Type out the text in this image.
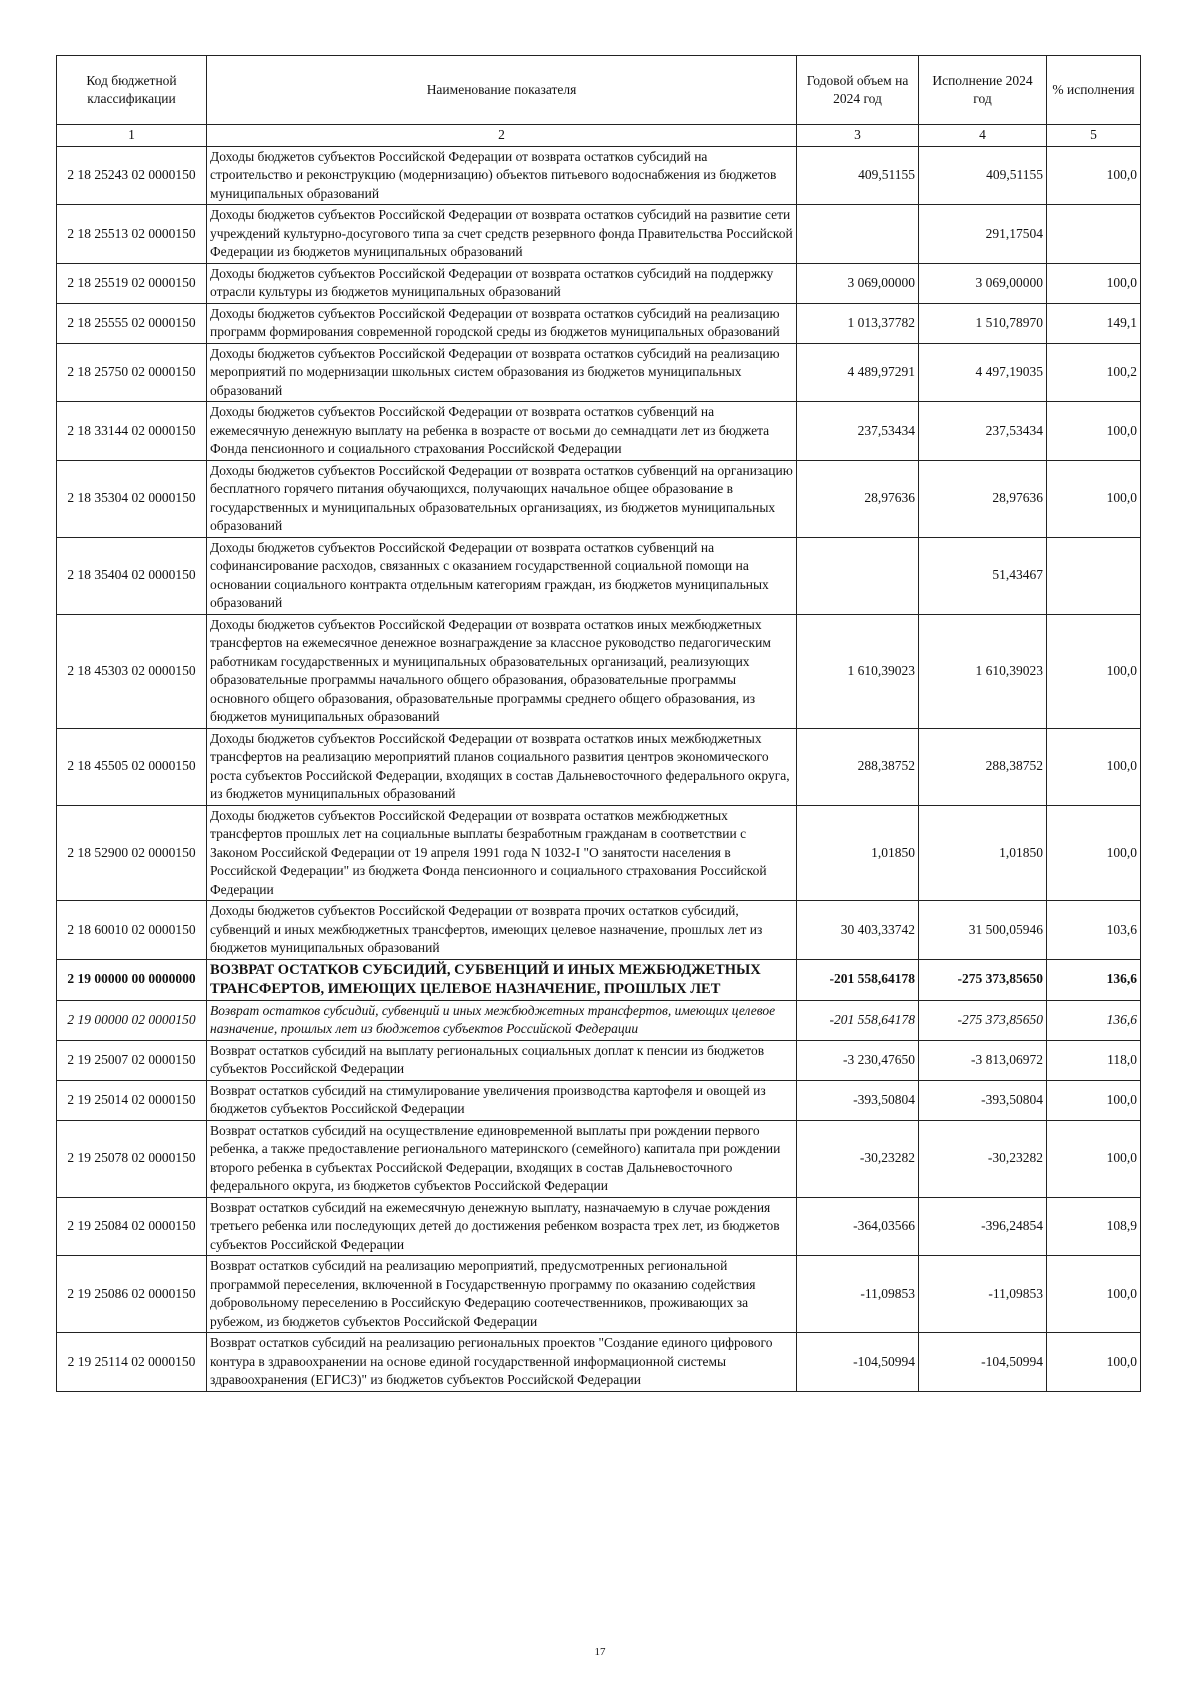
Код бюджетной классификации	Наименование показателя	Годовой объем на 2024 год	Исполнение 2024 год	% исполнения
1	2	3	4	5
2 18 25243 02 0000150	Доходы бюджетов субъектов Российской Федерации от возврата остатков субсидий на строительство и реконструкцию (модернизацию) объектов питьевого водоснабжения из бюджетов муниципальных образований	409,51155	409,51155	100,0
2 18 25513 02 0000150	Доходы бюджетов субъектов Российской Федерации от возврата остатков субсидий на развитие сети учреждений культурно-досугового типа за счет средств резервного фонда Правительства Российской Федерации из бюджетов муниципальных образований		291,17504	
2 18 25519 02 0000150	Доходы бюджетов субъектов Российской Федерации от возврата остатков субсидий на поддержку отрасли культуры из бюджетов муниципальных образований	3 069,00000	3 069,00000	100,0
2 18 25555 02 0000150	Доходы бюджетов субъектов Российской Федерации от возврата остатков субсидий на реализацию программ формирования современной городской среды из бюджетов муниципальных образований	1 013,37782	1 510,78970	149,1
2 18 25750 02 0000150	Доходы бюджетов субъектов Российской Федерации от возврата остатков субсидий на реализацию мероприятий по модернизации школьных систем образования из бюджетов муниципальных образований	4 489,97291	4 497,19035	100,2
2 18 33144 02 0000150	Доходы бюджетов субъектов Российской Федерации от возврата остатков субвенций на ежемесячную денежную выплату на ребенка в возрасте от восьми до семнадцати лет из бюджета Фонда пенсионного и социального страхования Российской Федерации	237,53434	237,53434	100,0
2 18 35304 02 0000150	Доходы бюджетов субъектов Российской Федерации от возврата остатков субвенций на организацию бесплатного горячего питания обучающихся, получающих начальное общее образование в государственных и муниципальных образовательных организациях, из бюджетов муниципальных образований	28,97636	28,97636	100,0
2 18 35404 02 0000150	Доходы бюджетов субъектов Российской Федерации от возврата остатков субвенций на софинансирование расходов, связанных с оказанием государственной социальной помощи на основании социального контракта отдельным категориям граждан, из бюджетов муниципальных образований		51,43467	
2 18 45303 02 0000150	Доходы бюджетов субъектов Российской Федерации от возврата остатков иных межбюджетных трансфертов на ежемесячное денежное вознаграждение за классное руководство педагогическим работникам государственных и муниципальных образовательных организаций, реализующих образовательные программы начального общего образования, образовательные программы основного общего образования, образовательные программы среднего общего образования, из бюджетов муниципальных образований	1 610,39023	1 610,39023	100,0
2 18 45505 02 0000150	Доходы бюджетов субъектов Российской Федерации от возврата остатков иных межбюджетных трансфертов на реализацию мероприятий планов социального развития центров экономического роста субъектов Российской Федерации, входящих в состав Дальневосточного федерального округа, из бюджетов муниципальных образований	288,38752	288,38752	100,0
2 18 52900 02 0000150	Доходы бюджетов субъектов Российской Федерации от возврата остатков межбюджетных трансфертов прошлых лет на социальные выплаты безработным гражданам в соответствии с Законом Российской Федерации от 19 апреля 1991 года N 1032-I "О занятости населения в Российской Федерации" из бюджета Фонда пенсионного и социального страхования Российской Федерации	1,01850	1,01850	100,0
2 18 60010 02 0000150	Доходы бюджетов субъектов Российской Федерации от возврата прочих остатков субсидий, субвенций и иных межбюджетных трансфертов, имеющих целевое назначение, прошлых лет из бюджетов муниципальных образований	30 403,33742	31 500,05946	103,6
2 19 00000 00 0000000	ВОЗВРАТ ОСТАТКОВ СУБСИДИЙ, СУБВЕНЦИЙ И ИНЫХ МЕЖБЮДЖЕТНЫХ ТРАНСФЕРТОВ, ИМЕЮЩИХ ЦЕЛЕВОЕ НАЗНАЧЕНИЕ, ПРОШЛЫХ ЛЕТ	-201 558,64178	-275 373,85650	136,6
2 19 00000 02 0000150	Возврат остатков субсидий, субвенций и иных межбюджетных трансфертов, имеющих целевое назначение, прошлых лет из бюджетов субъектов Российской Федерации	-201 558,64178	-275 373,85650	136,6
2 19 25007 02 0000150	Возврат остатков субсидий на выплату региональных социальных доплат к пенсии из бюджетов субъектов Российской Федерации	-3 230,47650	-3 813,06972	118,0
2 19 25014 02 0000150	Возврат остатков субсидий на стимулирование увеличения производства картофеля и овощей из бюджетов субъектов Российской Федерации	-393,50804	-393,50804	100,0
2 19 25078 02 0000150	Возврат остатков субсидий на осуществление единовременной выплаты при рождении первого ребенка, а также предоставление регионального материнского (семейного) капитала при рождении второго ребенка в субъектах Российской Федерации, входящих в состав Дальневосточного федерального округа, из бюджетов субъектов Российской Федерации	-30,23282	-30,23282	100,0
2 19 25084 02 0000150	Возврат остатков субсидий на ежемесячную денежную выплату, назначаемую в случае рождения третьего ребенка или последующих детей до достижения ребенком возраста трех лет, из бюджетов субъектов Российской Федерации	-364,03566	-396,24854	108,9
2 19 25086 02 0000150	Возврат остатков субсидий на реализацию мероприятий, предусмотренных региональной программой переселения, включенной в Государственную программу по оказанию содействия добровольному переселению в Российскую Федерацию соотечественников, проживающих за рубежом, из бюджетов субъектов Российской Федерации	-11,09853	-11,09853	100,0
2 19 25114 02 0000150	Возврат остатков субсидий на реализацию региональных проектов "Создание единого цифрового контура в здравоохранении на основе единой государственной информационной системы здравоохранения (ЕГИСЗ)" из бюджетов субъектов Российской Федерации	-104,50994	-104,50994	100,0
17
